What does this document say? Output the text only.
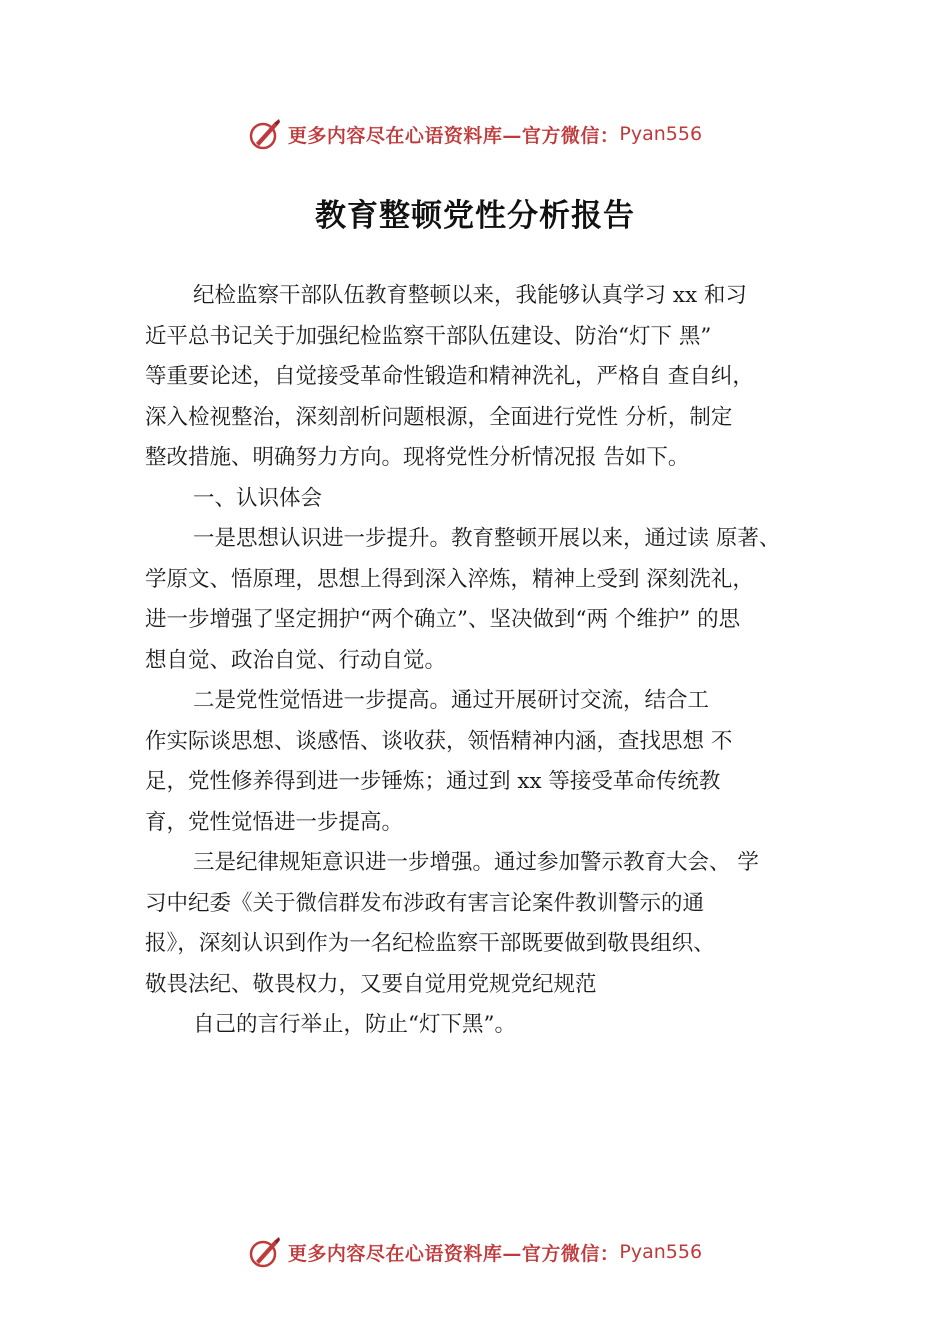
更多内容尽在心语资料库—官方微信： Pyan556
教育整顿党性分析报告
纪检监察干部队伍教育整顿以来，我能够认真学习 xx 和习
近平总书记关于加强纪检监察干部队伍建设、防治“灯下 黑”
等重要论述，自觉接受革命性锻造和精神洗礼，严格自 查自纠，
深入检视整治，深刻剖析问题根源，全面进行党性 分析，制定
整改措施、明确努力方向。现将党性分析情况报 告如下。
一、认识体会
一是思想认识进一步提升。教育整顿开展以来，通过读 原著、
学原文、悟原理，思想上得到深入淬炼，精神上受到 深刻洗礼，
进一步增强了坚定拥护“两个确立”、坚决做到“两 个维护” 的思
想自觉、政治自觉、行动自觉。
二是党性觉悟进一步提高。通过开展研讨交流，结合工
作实际谈思想、谈感悟、谈收获，领悟精神内涵，查找思想 不
足，党性修养得到进一步锤炼；通过到 xx 等接受革命传统教
育，党性觉悟进一步提高。
三是纪律规矩意识进一步增强。通过参加警示教育大会、 学
习中纪委《关于微信群发布涉政有害言论案件教训警示的通
报》，深刻认识到作为一名纪检监察干部既要做到敬畏组织、
敬畏法纪、敬畏权力，又要自觉用党规党纪规范
自己的言行举止，防止“灯下黑”。
更多内容尽在心语资料库—官方微信： Pyan556
